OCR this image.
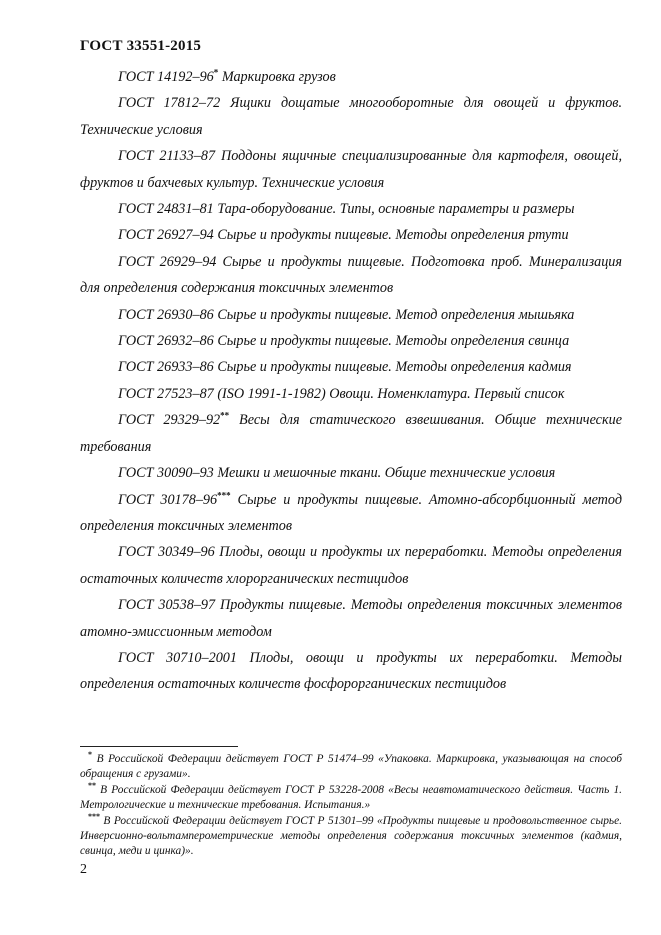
ГОСТ 33551-2015

ГОСТ 14192–96* Маркировка грузов

ГОСТ 17812–72 Ящики дощатые многооборотные для овощей и фруктов. Технические условия

ГОСТ 21133–87 Поддоны ящичные специализированные для картофеля, овощей, фруктов и бахчевых культур. Технические условия

ГОСТ 24831–81 Тара-оборудование. Типы, основные параметры и размеры

ГОСТ 26927–94 Сырье и продукты пищевые. Методы определения ртути

ГОСТ 26929–94 Сырье и продукты пищевые. Подготовка проб. Минерализация для определения содержания токсичных элементов

ГОСТ 26930–86 Сырье и продукты пищевые. Метод определения мышьяка

ГОСТ 26932–86 Сырье и продукты пищевые. Методы определения свинца

ГОСТ 26933–86 Сырье и продукты пищевые. Методы определения кадмия

ГОСТ 27523–87 (ISO 1991-1-1982) Овощи. Номенклатура. Первый список

ГОСТ 29329–92** Весы для статического взвешивания. Общие технические требования

ГОСТ 30090–93 Мешки и мешочные ткани. Общие технические условия

ГОСТ 30178–96*** Сырье и продукты пищевые. Атомно-абсорбционный метод определения токсичных элементов

ГОСТ 30349–96 Плоды, овощи и продукты их переработки. Методы определения остаточных количеств хлорорганических пестицидов

ГОСТ 30538–97 Продукты пищевые. Методы определения токсичных элементов атомно-эмиссионным методом

ГОСТ 30710–2001 Плоды, овощи и продукты их переработки. Методы определения остаточных количеств фосфорорганических пестицидов

* В Российской Федерации действует ГОСТ Р 51474–99 «Упаковка. Маркировка, указывающая на способ обращения с грузами».

** В Российской Федерации действует ГОСТ Р 53228-2008 «Весы неавтоматического действия. Часть 1. Метрологические и технические требования. Испытания.»

*** В Российской Федерации действует ГОСТ Р 51301–99 «Продукты пищевые и продовольственное сырье. Инверсионно-вольтамперометрические методы определения содержания токсичных элементов (кадмия, свинца, меди и цинка)».

2
